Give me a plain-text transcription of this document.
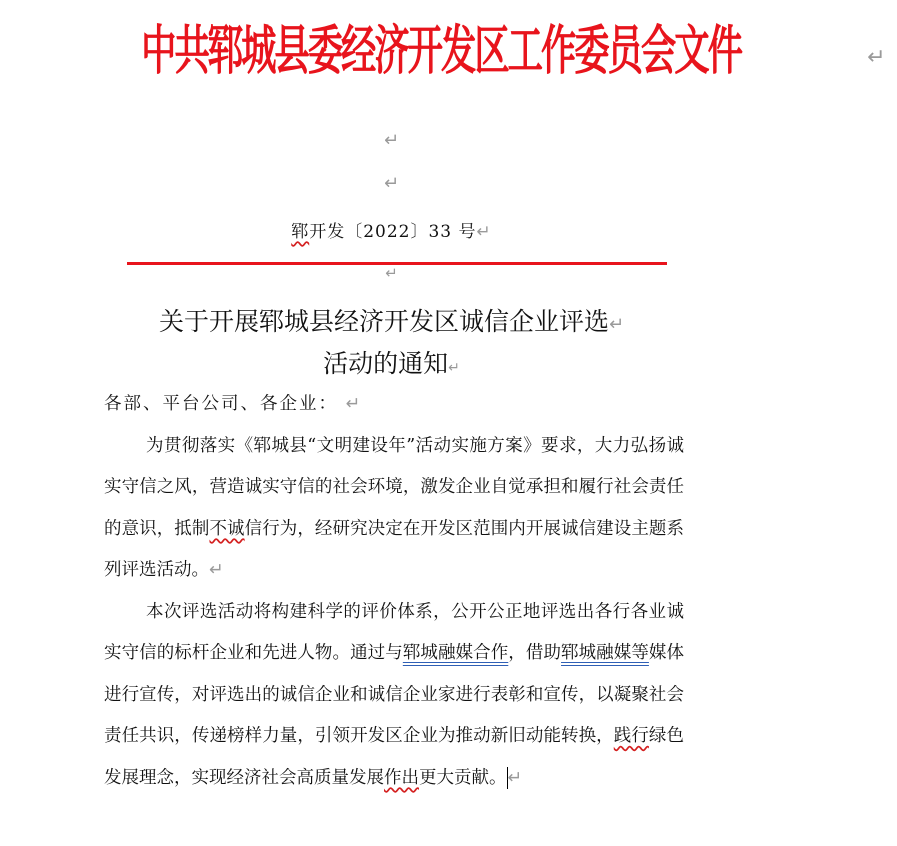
中共郓城县委经济开发区工作委员会文件	↵
↵
↵
郓开发〔2022〕33 号↵
↵
关于开展郓城县经济开发区诚信企业评选↵
活动的通知↵
各部、平台公司、各企业： ↵
为贯彻落实《郓城县“文明建设年”活动实施方案》要求，大力弘扬诚实守信之风，营造诚实守信的社会环境，激发企业自觉承担和履行社会责任的意识，抵制不诚信行为，经研究决定在开发区范围内开展诚信建设主题系列评选活动。↵
本次评选活动将构建科学的评价体系，公开公正地评选出各行各业诚实守信的标杆企业和先进人物。通过与郓城融媒合作，借助郓城融媒等媒体进行宣传，对评选出的诚信企业和诚信企业家进行表彰和宣传，以凝聚社会责任共识，传递榜样力量，引领开发区企业为推动新旧动能转换，践行绿色发展理念，实现经济社会高质量发展作出更大贡献。↵
